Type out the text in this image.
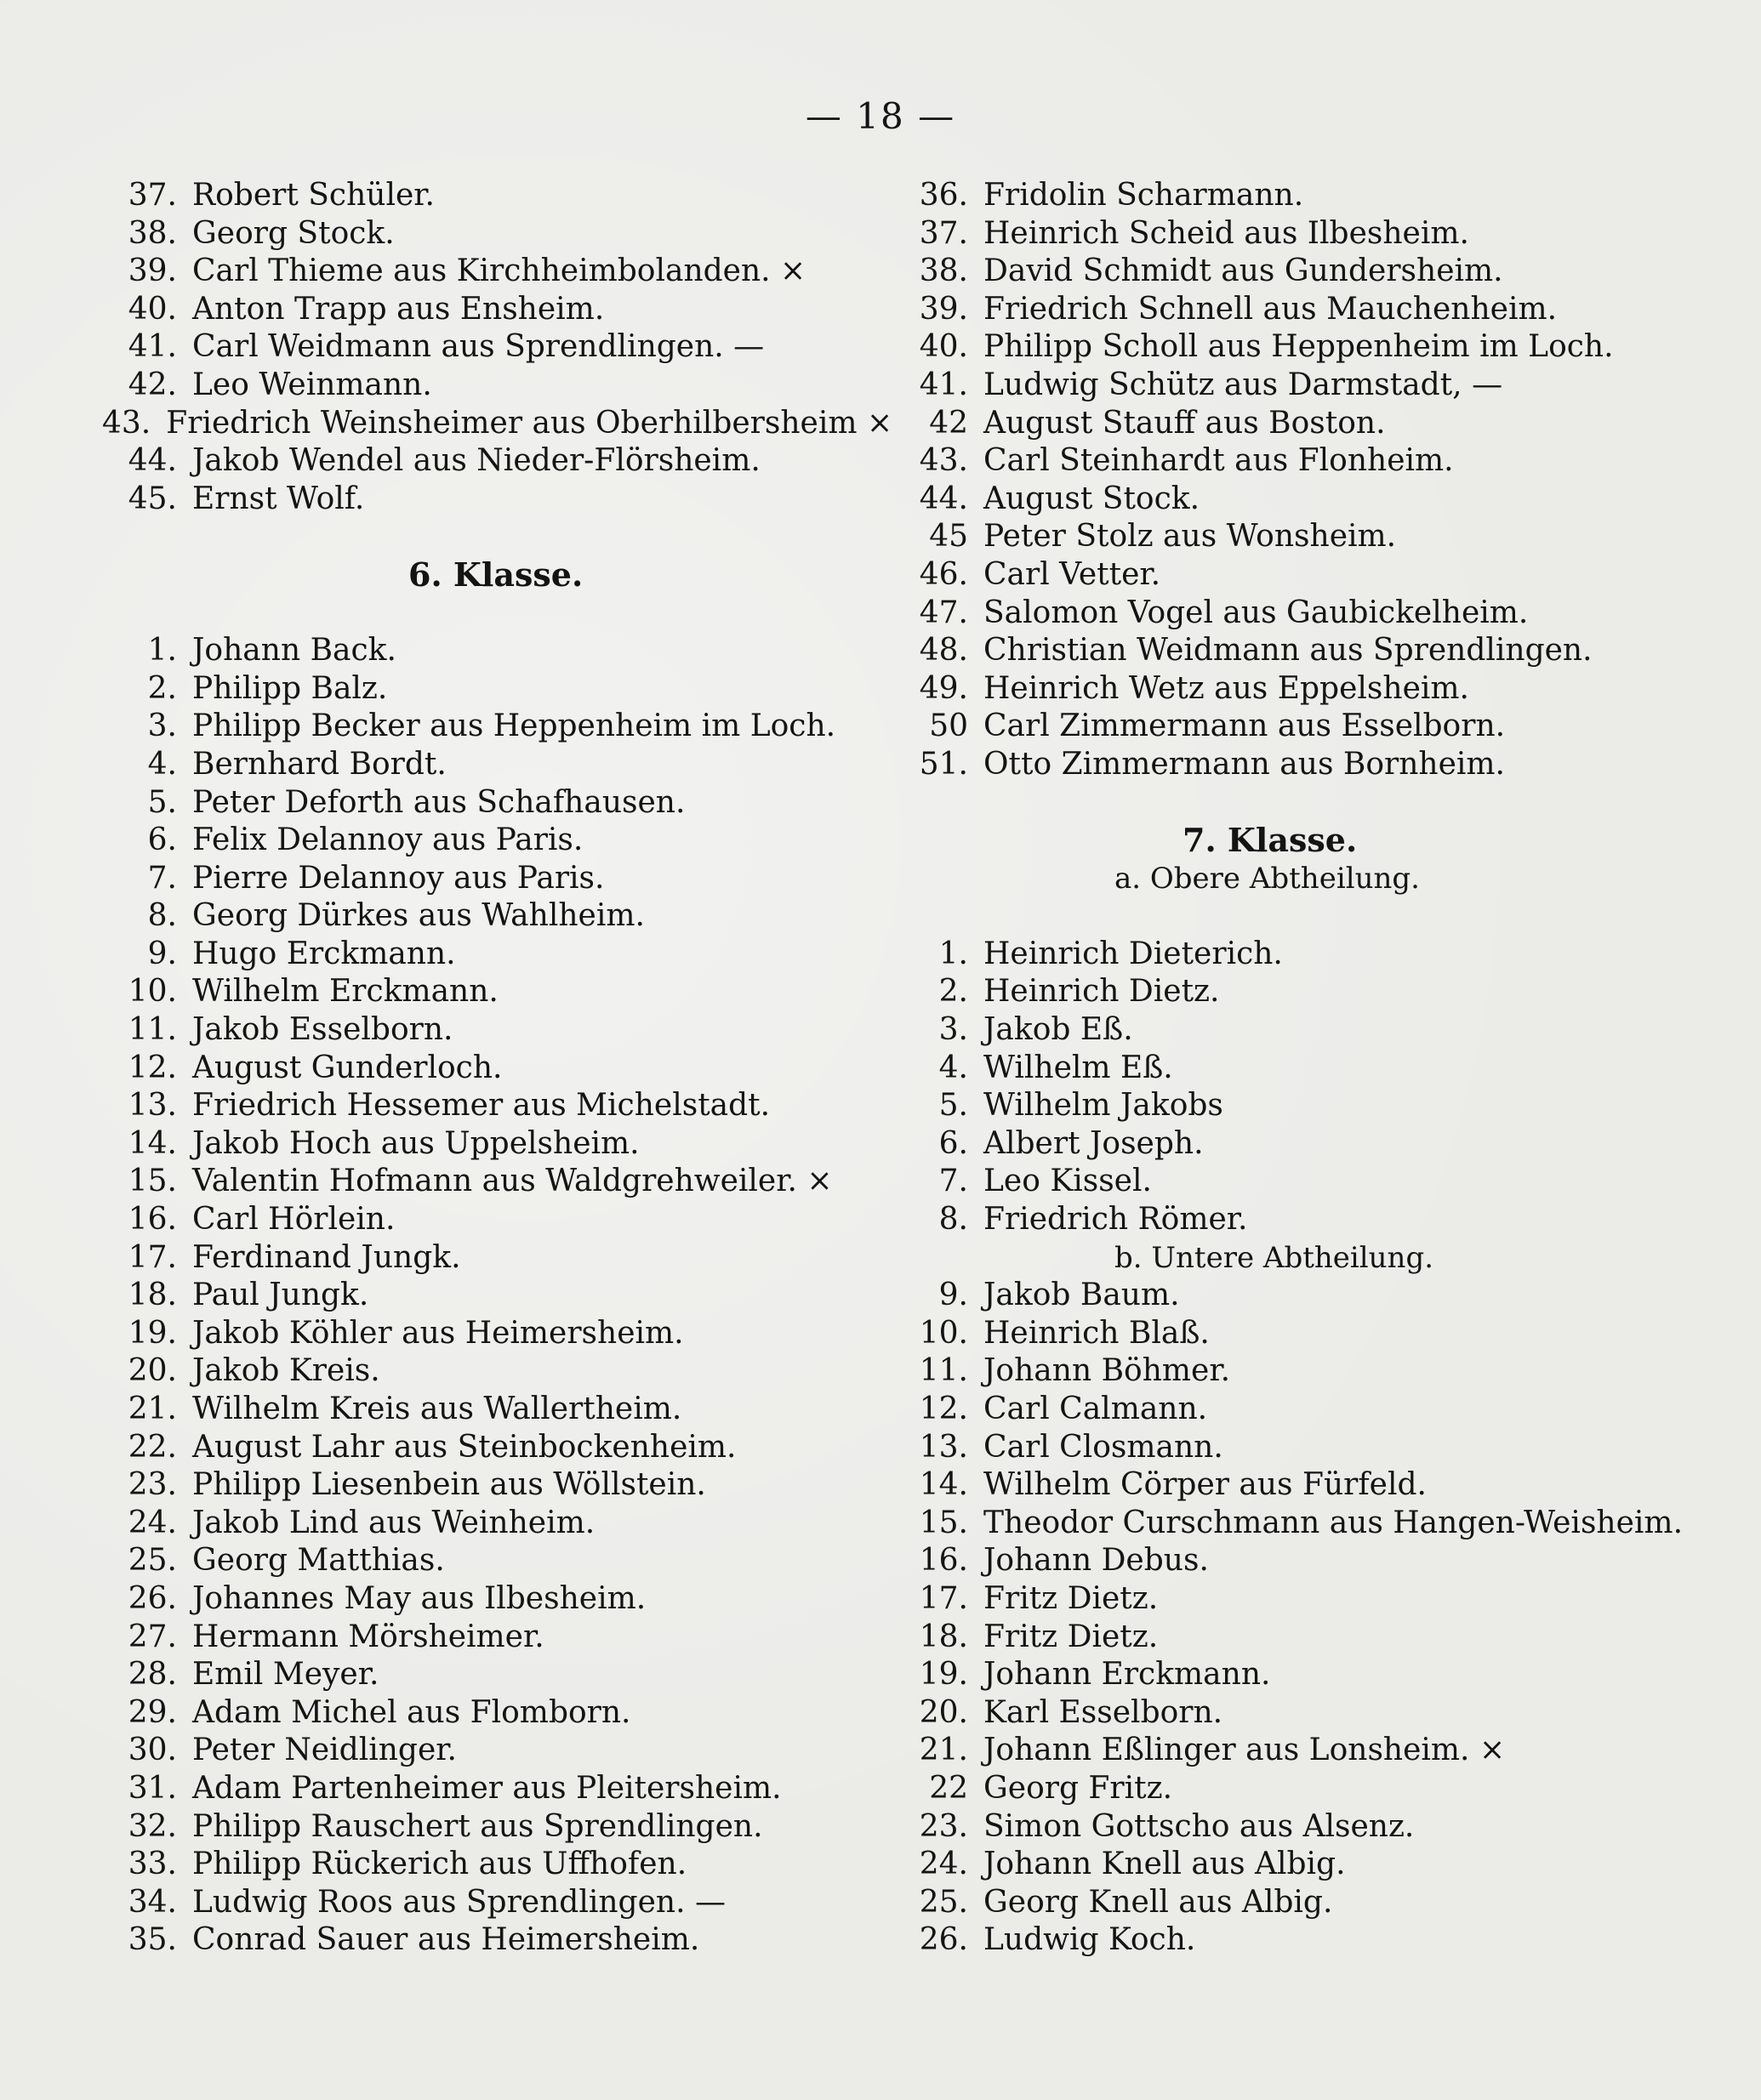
— 18 —
37. Robert Schüler.
38. Georg Stock.
39. Carl Thieme aus Kirchheimbolanden. ×
40. Anton Trapp aus Ensheim.
41. Carl Weidmann aus Sprendlingen. —
42. Leo Weinmann.
43. Friedrich Weinsheimer aus Oberhilbersheim ×
44. Jakob Wendel aus Nieder-Flörsheim.
45. Ernst Wolf.
6. Klasse.
1. Johann Back.
2. Philipp Balz.
3. Philipp Becker aus Heppenheim im Loch.
4. Bernhard Bordt.
5. Peter Deforth aus Schafhausen.
6. Felix Delannoy aus Paris.
7. Pierre Delannoy aus Paris.
8. Georg Dürkes aus Wahlheim.
9. Hugo Erckmann.
10. Wilhelm Erckmann.
11. Jakob Esselborn.
12. August Gunderloch.
13. Friedrich Hessemer aus Michelstadt.
14. Jakob Hoch aus Uppelsheim.
15. Valentin Hofmann aus Waldgrehweiler. ×
16. Carl Hörlein.
17. Ferdinand Jungk.
18. Paul Jungk.
19. Jakob Köhler aus Heimersheim.
20. Jakob Kreis.
21. Wilhelm Kreis aus Wallertheim.
22. August Lahr aus Steinbockenheim.
23. Philipp Liesenbein aus Wöllstein.
24. Jakob Lind aus Weinheim.
25. Georg Matthias.
26. Johannes May aus Ilbesheim.
27. Hermann Mörsheimer.
28. Emil Meyer.
29. Adam Michel aus Flomborn.
30. Peter Neidlinger.
31. Adam Partenheimer aus Pleitersheim.
32. Philipp Rauschert aus Sprendlingen.
33. Philipp Rückerich aus Uffhofen.
34. Ludwig Roos aus Sprendlingen. —
35. Conrad Sauer aus Heimersheim.
36. Fridolin Scharmann.
37. Heinrich Scheid aus Ilbesheim.
38. David Schmidt aus Gundersheim.
39. Friedrich Schnell aus Mauchenheim.
40. Philipp Scholl aus Heppenheim im Loch.
41. Ludwig Schütz aus Darmstadt, —
42 August Stauff aus Boston.
43. Carl Steinhardt aus Flonheim.
44. August Stock.
45 Peter Stolz aus Wonsheim.
46. Carl Vetter.
47. Salomon Vogel aus Gaubickelheim.
48. Christian Weidmann aus Sprendlingen.
49. Heinrich Wetz aus Eppelsheim.
50 Carl Zimmermann aus Esselborn.
51. Otto Zimmermann aus Bornheim.
7. Klasse.
a. Obere Abtheilung.
1. Heinrich Dieterich.
2. Heinrich Dietz.
3. Jakob Eß.
4. Wilhelm Eß.
5. Wilhelm Jakobs
6. Albert Joseph.
7. Leo Kissel.
8. Friedrich Römer.
b. Untere Abtheilung.
9. Jakob Baum.
10. Heinrich Blaß.
11. Johann Böhmer.
12. Carl Calmann.
13. Carl Closmann.
14. Wilhelm Cörper aus Fürfeld.
15. Theodor Curschmann aus Hangen-Weisheim.
16. Johann Debus.
17. Fritz Dietz.
18. Fritz Dietz.
19. Johann Erckmann.
20. Karl Esselborn.
21. Johann Eßlinger aus Lonsheim. ×
22 Georg Fritz.
23. Simon Gottscho aus Alsenz.
24. Johann Knell aus Albig.
25. Georg Knell aus Albig.
26. Ludwig Koch.
